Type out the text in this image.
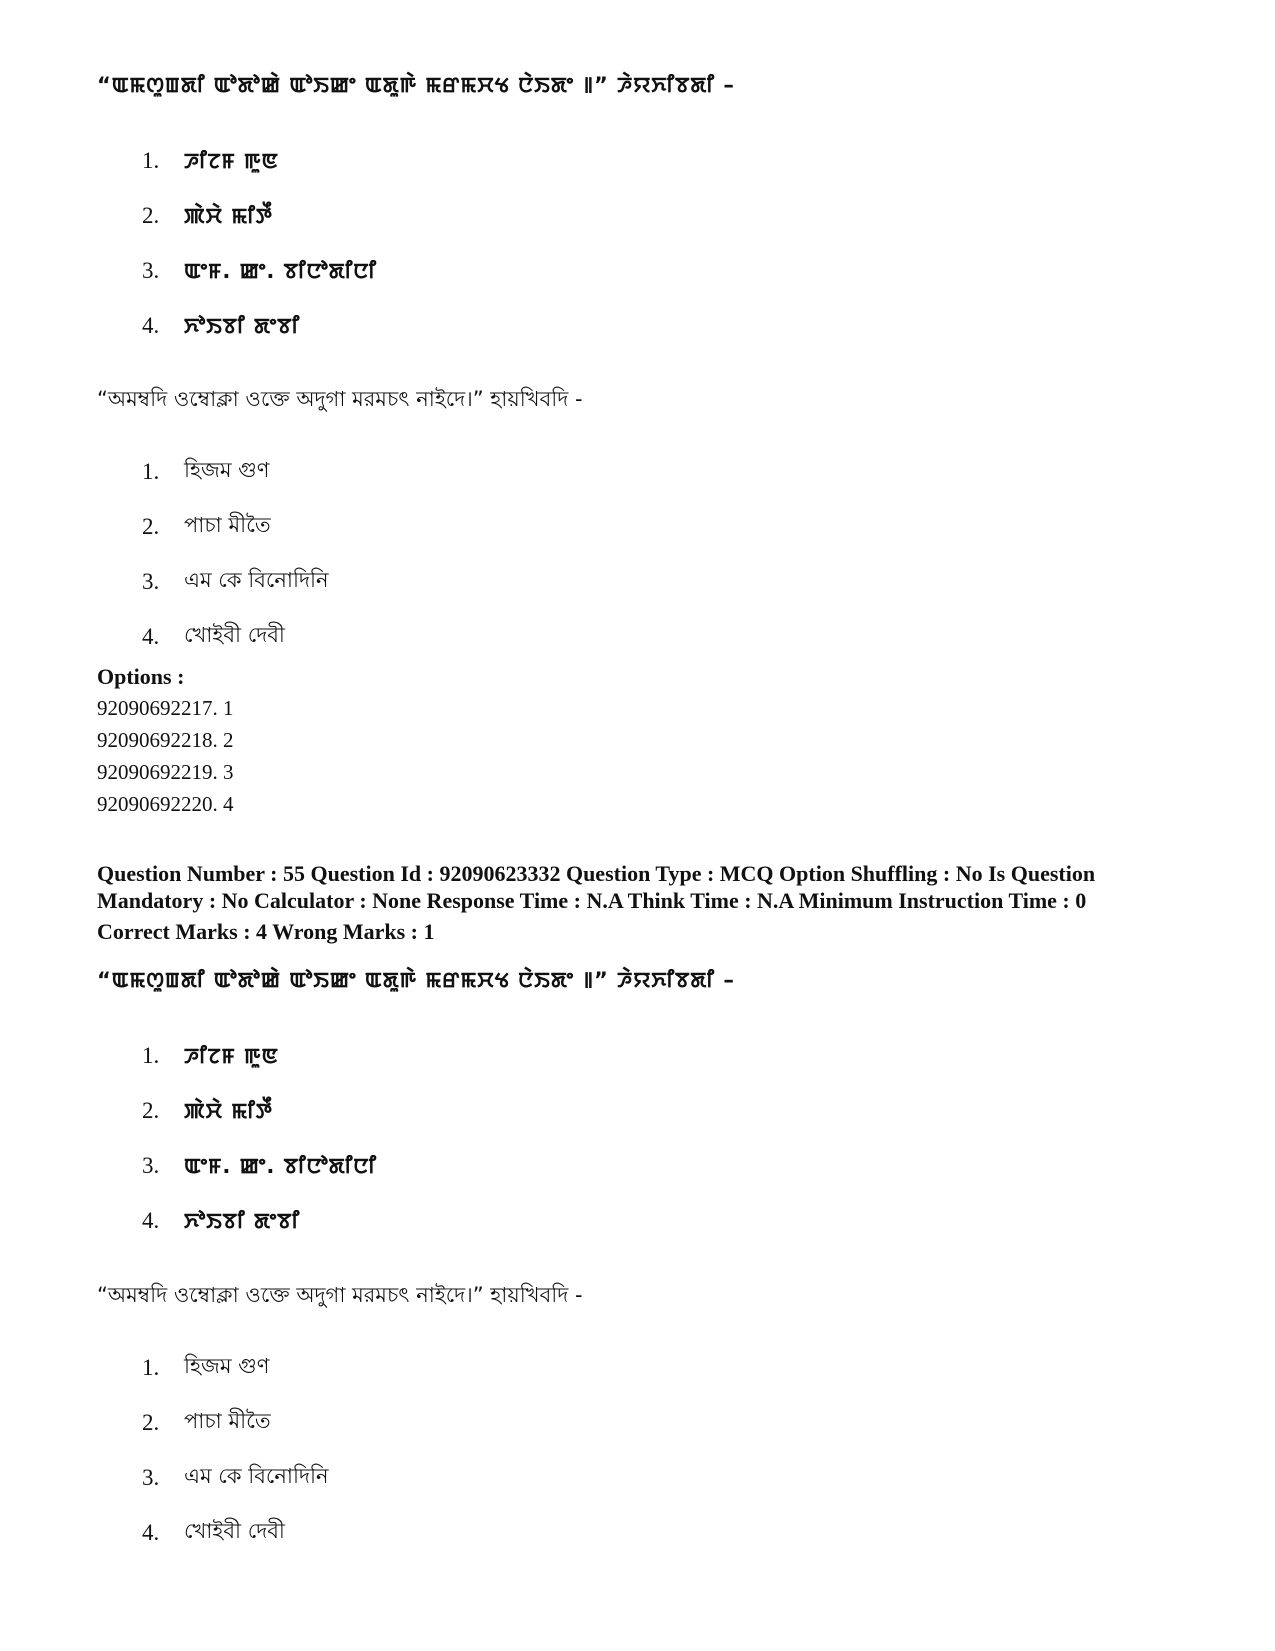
“ꯑꯃꯁꯨꯡꯗꯤ ꯑꯣꯗꯣꯀꯥ ꯑꯣꯏꯀꯦ ꯑꯗꯨꯒꯥ ꯃꯔꯃꯆꯠ ꯅꯥꯏꯗꯦ ꯫” ꯍꯥꯌꯈꯤꯕꯗꯤ –

1.	ꯍꯤꯖꯝ ꯒꯨꯟ
2.	ꯄꯥꯆꯥ ꯃꯤꯇꯩ
3.	ꯑꯦꯝ. ꯀꯦ. ꯕꯤꯅꯣꯗꯤꯅꯤ
4.	ꯈꯣꯏꯕꯤ ꯗꯦꯕꯤ

“অমম্বদি ওম্বোক্লা ওক্তে অদুগা মরমচৎ নাইদে।” হায়খিবদি -

1.	হিজম গুণ
2.	পাচা মীতৈ
3.	এম কে বিনোদিনি
4.	খোইবী দেবী

Options :

92090692217. 1

92090692218. 2

92090692219. 3

92090692220. 4

Question Number : 55 Question Id : 92090623332 Question Type : MCQ Option Shuffling : No Is Question
Mandatory : No Calculator : None Response Time : N.A Think Time : N.A Minimum Instruction Time : 0
Correct Marks : 4 Wrong Marks : 1

“ꯑꯃꯁꯨꯡꯗꯤ ꯑꯣꯗꯣꯀꯥ ꯑꯣꯏꯀꯦ ꯑꯗꯨꯒꯥ ꯃꯔꯃꯆꯠ ꯅꯥꯏꯗꯦ ꯫” ꯍꯥꯌꯈꯤꯕꯗꯤ –

1.	ꯍꯤꯖꯝ ꯒꯨꯟ
2.	ꯄꯥꯆꯥ ꯃꯤꯇꯩ
3.	ꯑꯦꯝ. ꯀꯦ. ꯕꯤꯅꯣꯗꯤꯅꯤ
4.	ꯈꯣꯏꯕꯤ ꯗꯦꯕꯤ

“অমম্বদি ওম্বোক্লা ওক্তে অদুগা মরমচৎ নাইদে।” হায়খিবদি -

1.	হিজম গুণ
2.	পাচা মীতৈ
3.	এম কে বিনোদিনি
4.	খোইবী দেবী
